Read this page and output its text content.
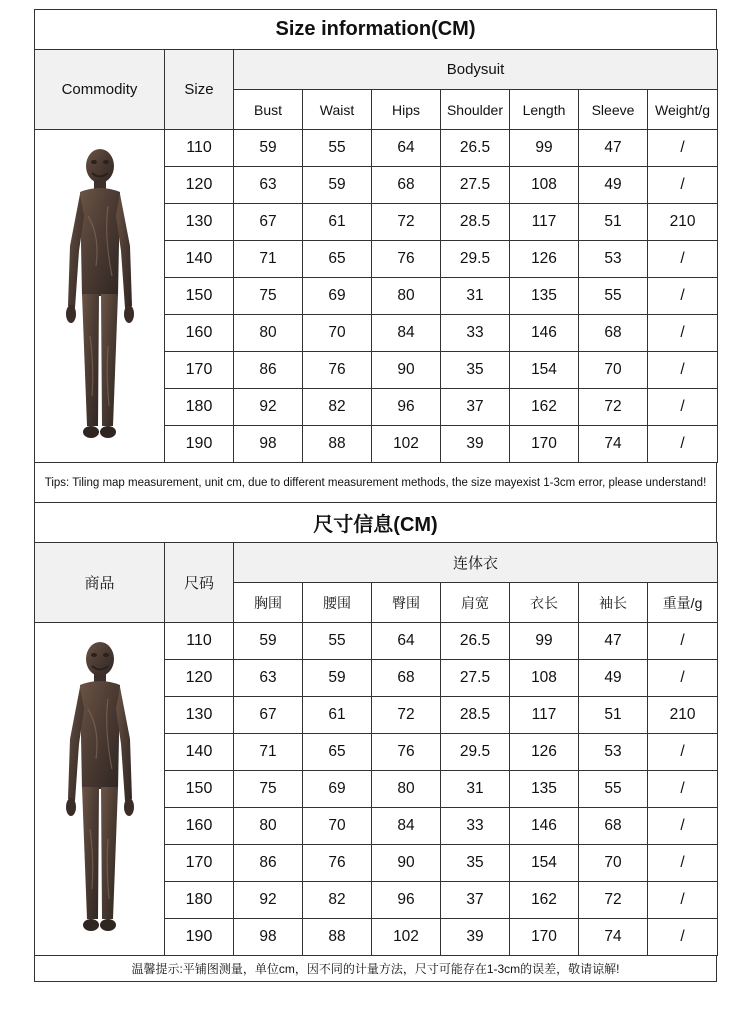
Size information(CM)
Commodity	Size	Bodysuit						
		Bust	Waist	Hips	Shoulder	Length	Sleeve	Weight/g

	110	59	55	64	26.5	99	47	/
	120	63	59	68	27.5	108	49	/
	130	67	61	72	28.5	117	51	210
	140	71	65	76	29.5	126	53	/
	150	75	69	80	31	135	55	/
	160	80	70	84	33	146	68	/
	170	86	76	90	35	154	70	/
	180	92	82	96	37	162	72	/
	190	98	88	102	39	170	74	/
Tips: Tiling map measurement, unit cm, due to different measurement methods, the size mayexist 1-3cm error, please understand!
尺寸信息(CM)
商品	尺码	连体衣						
		胸围	腰围	臀围	肩宽	衣长	袖长	重量/g

	110	59	55	64	26.5	99	47	/
	120	63	59	68	27.5	108	49	/
	130	67	61	72	28.5	117	51	210
	140	71	65	76	29.5	126	53	/
	150	75	69	80	31	135	55	/
	160	80	70	84	33	146	68	/
	170	86	76	90	35	154	70	/
	180	92	82	96	37	162	72	/
	190	98	88	102	39	170	74	/
温馨提示:平铺图测量，单位cm，因不同的计量方法，尺寸可能存在1-3cm的误差，敬请谅解!
